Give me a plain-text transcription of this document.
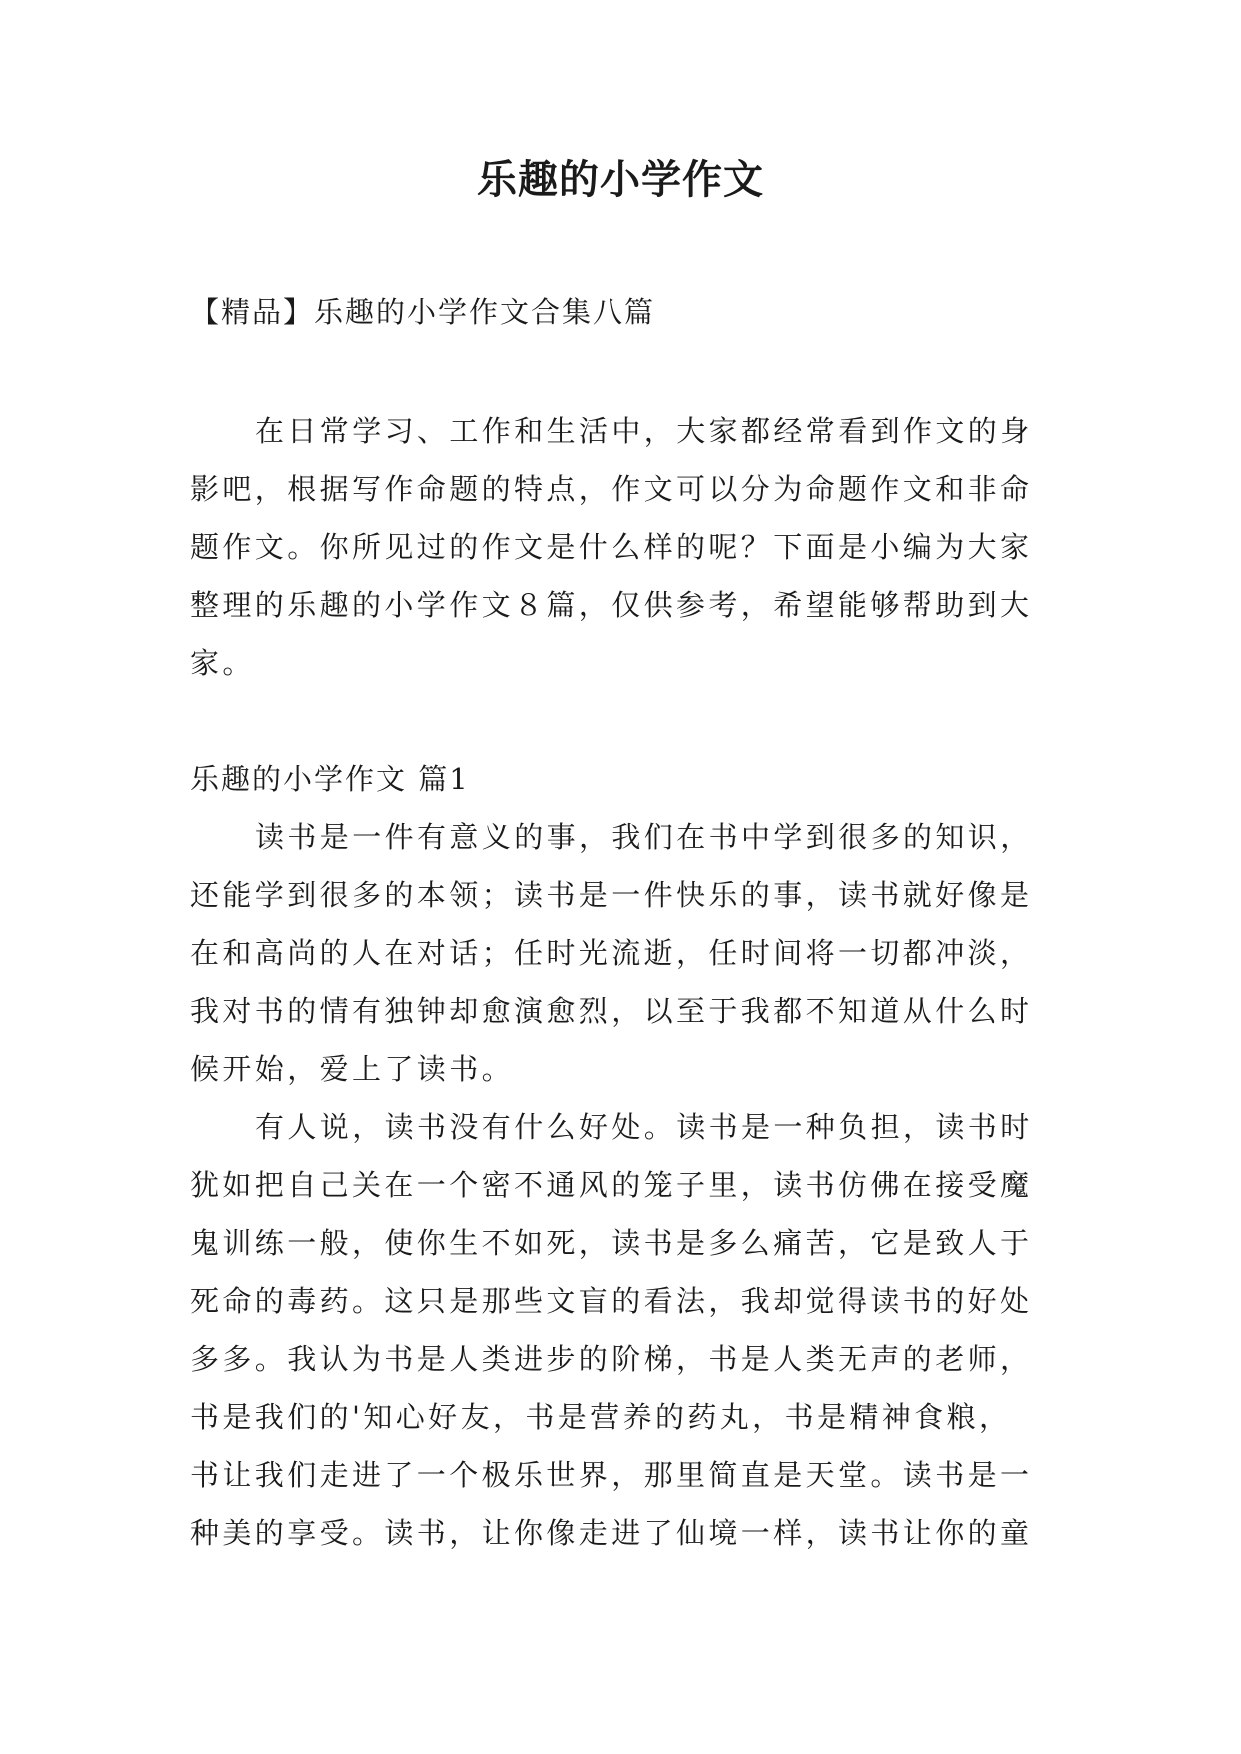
乐趣的小学作文

【精品】乐趣的小学作文合集八篇

在日常学习、工作和生活中，大家都经常看到作文的身
影吧，根据写作命题的特点，作文可以分为命题作文和非命
题作文。你所见过的作文是什么样的呢？下面是小编为大家
整理的乐趣的小学作文８篇，仅供参考，希望能够帮助到大
家。

乐趣的小学作文 篇1

读书是一件有意义的事，我们在书中学到很多的知识，
还能学到很多的本领；读书是一件快乐的事，读书就好像是
在和高尚的人在对话；任时光流逝，任时间将一切都冲淡，
我对书的情有独钟却愈演愈烈，以至于我都不知道从什么时
候开始，爱上了读书。
有人说，读书没有什么好处。读书是一种负担，读书时
犹如把自己关在一个密不通风的笼子里，读书仿佛在接受魔
鬼训练一般，使你生不如死，读书是多么痛苦，它是致人于
死命的毒药。这只是那些文盲的看法，我却觉得读书的好处
多多。我认为书是人类进步的阶梯，书是人类无声的老师，
书是我们的'知心好友，书是营养的药丸，书是精神食粮，
书让我们走进了一个极乐世界，那里简直是天堂。读书是一
种美的享受。读书，让你像走进了仙境一样，读书让你的童
